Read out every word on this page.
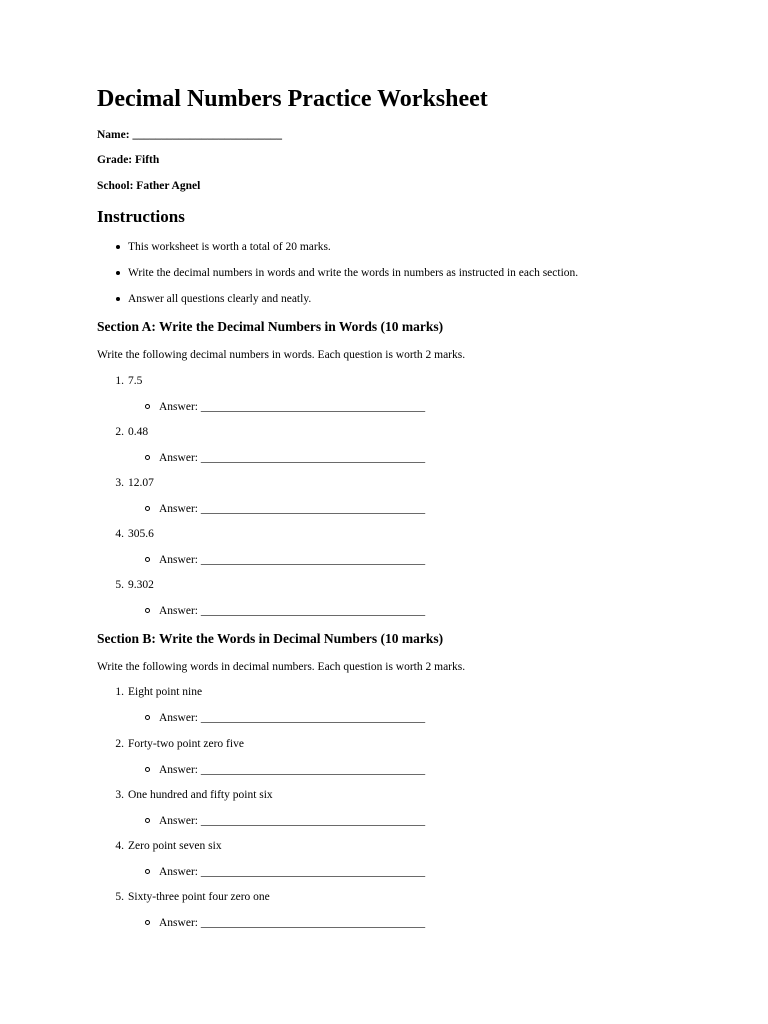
Decimal Numbers Practice Worksheet

Name: __________________________

Grade: Fifth

School: Father Agnel

Instructions

This worksheet is worth a total of 20 marks.

Write the decimal numbers in words and write the words in numbers as instructed in each section.

Answer all questions clearly and neatly.

Section A: Write the Decimal Numbers in Words (10 marks)

Write the following decimal numbers in words. Each question is worth 2 marks.

1. 7.5
Answer: _______________________________________
2. 0.48
Answer: _______________________________________
3. 12.07
Answer: _______________________________________
4. 305.6
Answer: _______________________________________
5. 9.302
Answer: _______________________________________
Section B: Write the Words in Decimal Numbers (10 marks)

Write the following words in decimal numbers. Each question is worth 2 marks.

1. Eight point nine
Answer: _______________________________________
2. Forty-two point zero five
Answer: _______________________________________
3. One hundred and fifty point six
Answer: _______________________________________
4. Zero point seven six
Answer: _______________________________________
5. Sixty-three point four zero one
Answer: _______________________________________
